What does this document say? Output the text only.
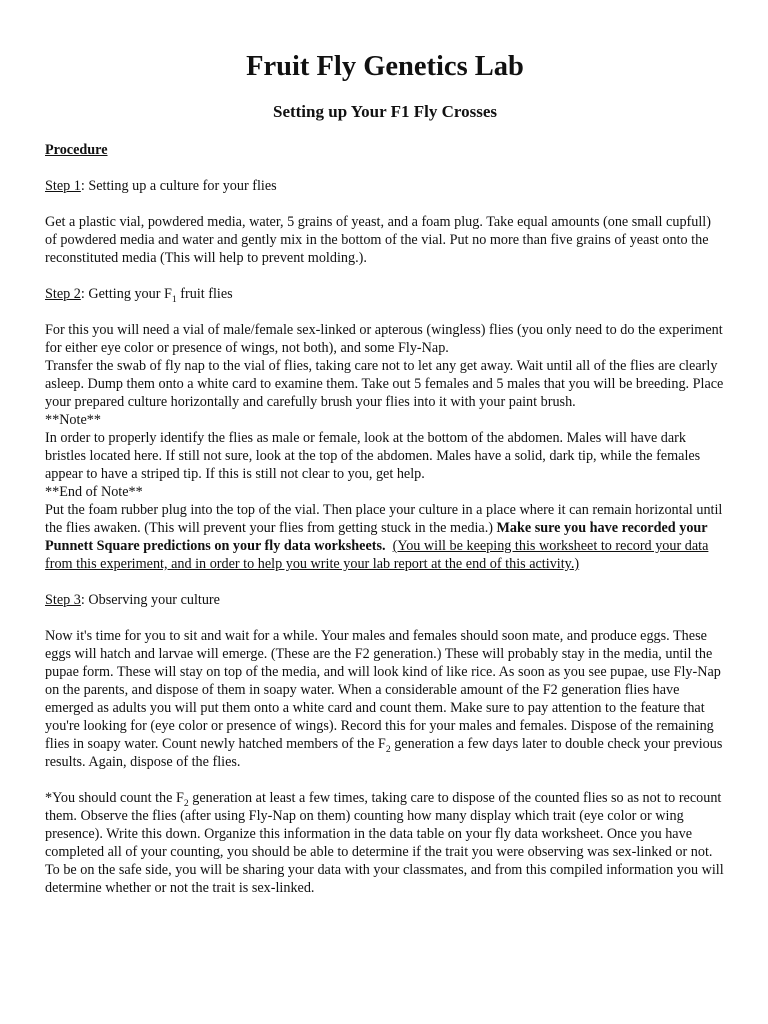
Fruit Fly Genetics Lab
Setting up Your F1 Fly Crosses

Procedure

Step 1: Setting up a culture for your flies

Get a plastic vial, powdered media, water, 5 grains of yeast, and a foam plug. Take equal amounts (one small cupfull) of powdered media and water and gently mix in the bottom of the vial. Put no more than five grains of yeast onto the reconstituted media (This will help to prevent molding.).

Step 2: Getting your $F_1$ fruit flies

For this you will need a vial of male/female sex-linked or apterous (wingless) flies (you only need to do the experiment for either eye color or presence of wings, not both), and some Fly-Nap.

Transfer the swab of fly nap to the vial of flies, taking care not to let any get away. Wait until all of the flies are clearly asleep. Dump them onto a white card to examine them. Take out 5 females and 5 males that you will be breeding. Place your prepared culture horizontally and carefully brush your flies into it with your paint brush.

**Note**

In order to properly identify the flies as male or female, look at the bottom of the abdomen. Males will have dark bristles located here. If still not sure, look at the top of the abdomen. Males have a solid, dark tip, while the females appear to have a striped tip. If this is still not clear to you, get help.

**End of Note**

Put the foam rubber plug into the top of the vial. Then place your culture in a place where it can remain horizontal until the flies awaken. (This will prevent your flies from getting stuck in the media.) Make sure you have recorded your Punnett Square predictions on your fly data worksheets. (You will be keeping this worksheet to record your data from this experiment, and in order to help you write your lab report at the end of this activity.)

Step 3: Observing your culture

Now it's time for you to sit and wait for a while. Your males and females should soon mate, and produce eggs. These eggs will hatch and larvae will emerge. (These are the F2 generation.) These will probably stay in the media, until the pupae form. These will stay on top of the media, and will look kind of like rice. As soon as you see pupae, use Fly-Nap on the parents, and dispose of them in soapy water. When a considerable amount of the F2 generation flies have emerged as adults you will put them onto a white card and count them. Make sure to pay attention to the feature that you're looking for (eye color or presence of wings). Record this for your males and females. Dispose of the remaining flies in soapy water. Count newly hatched members of the $F_2$ generation a few days later to double check your previous results. Again, dispose of the flies.

*You should count the $F_2$ generation at least a few times, taking care to dispose of the counted flies so as not to recount them. Observe the flies (after using Fly-Nap on them) counting how many display which trait (eye color or wing presence). Write this down. Organize this information in the data table on your fly data worksheet. Once you have completed all of your counting, you should be able to determine if the trait you were observing was sex-linked or not. To be on the safe side, you will be sharing your data with your classmates, and from this compiled information you will determine whether or not the trait is sex-linked.
